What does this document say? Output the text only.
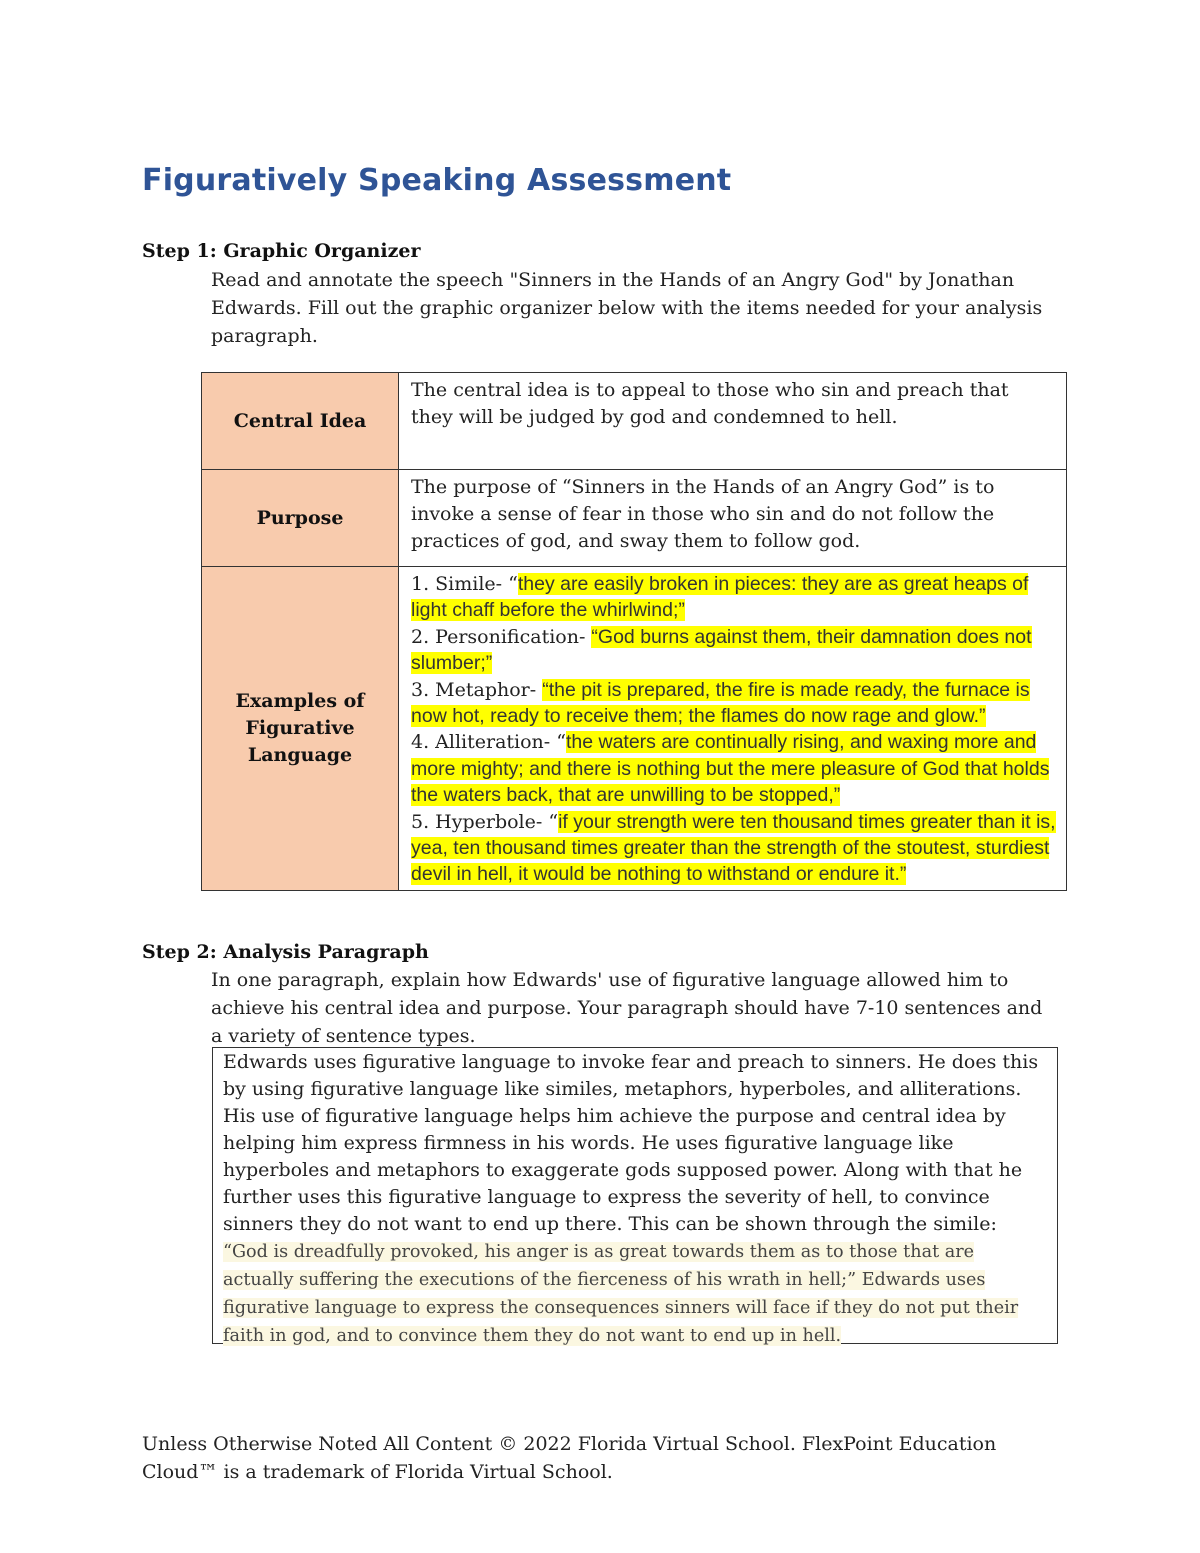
Figuratively Speaking Assessment
Step 1: Graphic Organizer

Read and annotate the speech "Sinners in the Hands of an Angry God" by Jonathan Edwards. Fill out the graphic organizer below with the items needed for your analysis paragraph.

Central Idea	The central idea is to appeal to those who sin and preach that they will be judged by god and condemned to hell.
Purpose	The purpose of “Sinners in the Hands of an Angry God” is to invoke a sense of fear in those who sin and do not follow the practices of god, and sway them to follow god.
Examples of Figurative Language	1. Simile- “they are easily broken in pieces: they are as great heaps of light chaff before the whirlwind;”
2. Personification- “God burns against them, their damnation does not slumber;”
3. Metaphor- “the pit is prepared, the fire is made ready, the furnace is now hot, ready to receive them; the flames do now rage and glow.”
4. Alliteration- “the waters are continually rising, and waxing more and more mighty; and there is nothing but the mere pleasure of God that holds the waters back, that are unwilling to be stopped,”
5. Hyperbole- “if your strength were ten thousand times greater than it is, yea, ten thousand times greater than the strength of the stoutest, sturdiest devil in hell, it would be nothing to withstand or endure it.”
Step 2: Analysis Paragraph

In one paragraph, explain how Edwards' use of figurative language allowed him to achieve his central idea and purpose. Your paragraph should have 7-10 sentences and a variety of sentence types.

Edwards uses figurative language to invoke fear and preach to sinners. He does this by using figurative language like similes, metaphors, hyperboles, and alliterations. His use of figurative language helps him achieve the purpose and central idea by helping him express firmness in his words. He uses figurative language like hyperboles and metaphors to exaggerate gods supposed power. Along with that he further uses this figurative language to express the severity of hell, to convince sinners they do not want to end up there. This can be shown through the simile: “God is dreadfully provoked, his anger is as great towards them as to those that are actually suffering the executions of the fierceness of his wrath in hell;” Edwards uses figurative language to express the consequences sinners will face if they do not put their faith in god, and to convince them they do not want to end up in hell.

Unless Otherwise Noted All Content © 2022 Florida Virtual School. FlexPoint Education Cloud™ is a trademark of Florida Virtual School.
